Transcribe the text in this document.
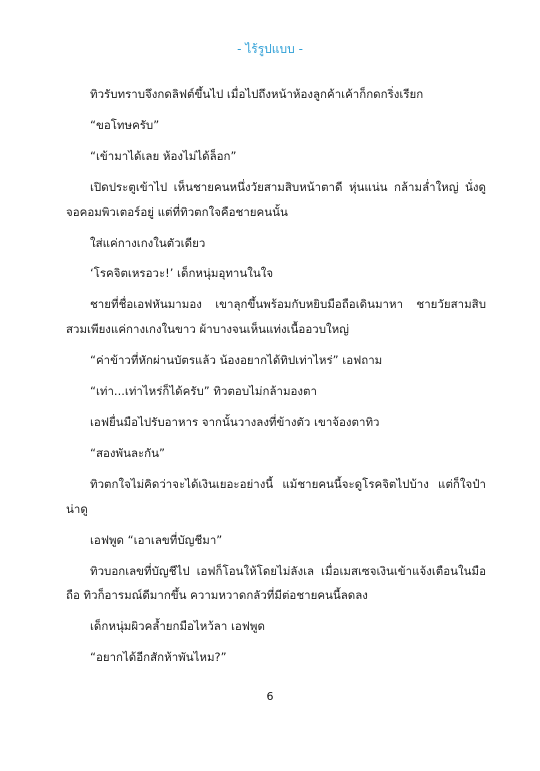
- ไร้รูปแบบ -

ทิวรับทราบจึงกดลิฟต์ขึ้นไป เมื่อไปถึงหน้าห้องลูกค้าเค้าก็กดกริ่งเรียก

“ขอโทษครับ”

“เข้ามาได้เลย ห้องไม่ได้ล็อก”

เปิดประตูเข้าไป เห็นชายคนหนึ่งวัยสามสิบหน้าตาดี หุ่นแน่น กล้ามล่ำใหญ่ นั่งดูจอคอมพิวเตอร์อยู่ แต่ที่ทิวตกใจคือชายคนนั้น

ใส่แค่กางเกงในตัวเดียว

‘โรคจิตเหรอวะ!’ เด็กหนุ่มอุทานในใจ

ชายที่ชื่อเอฟหันมามอง เขาลุกขึ้นพร้อมกับหยิบมือถือเดินมาหา ชายวัยสามสิบสวมเพียงแค่กางเกงในขาว ผ้าบางจนเห็นแท่งเนื้ออวบใหญ่

“ค่าข้าวที่หักผ่านบัตรแล้ว น้องอยากได้ทิปเท่าไหร่” เอฟถาม

“เท่า...เท่าไหร่ก็ได้ครับ” ทิวตอบไม่กล้ามองตา

เอฟยื่นมือไปรับอาหาร จากนั้นวางลงที่ข้างตัว เขาจ้องตาทิว

“สองพันละกัน”

ทิวตกใจไม่คิดว่าจะได้เงินเยอะอย่างนี้ แม้ชายคนนี้จะดูโรคจิตไปบ้าง แต่ก็ใจป๋าน่าดู

เอฟพูด “เอาเลขที่บัญชีมา”

ทิวบอกเลขที่บัญชีไป เอฟก็โอนให้โดยไม่ลังเล เมื่อเมสเซจเงินเข้าแจ้งเตือนในมือถือ ทิวก็อารมณ์ดีมากขึ้น ความหวาดกลัวที่มีต่อชายคนนี้ลดลง

เด็กหนุ่มผิวคล้ำยกมือไหว้ลา เอฟพูด

“อยากได้อีกสักห้าพันไหม?”

6
